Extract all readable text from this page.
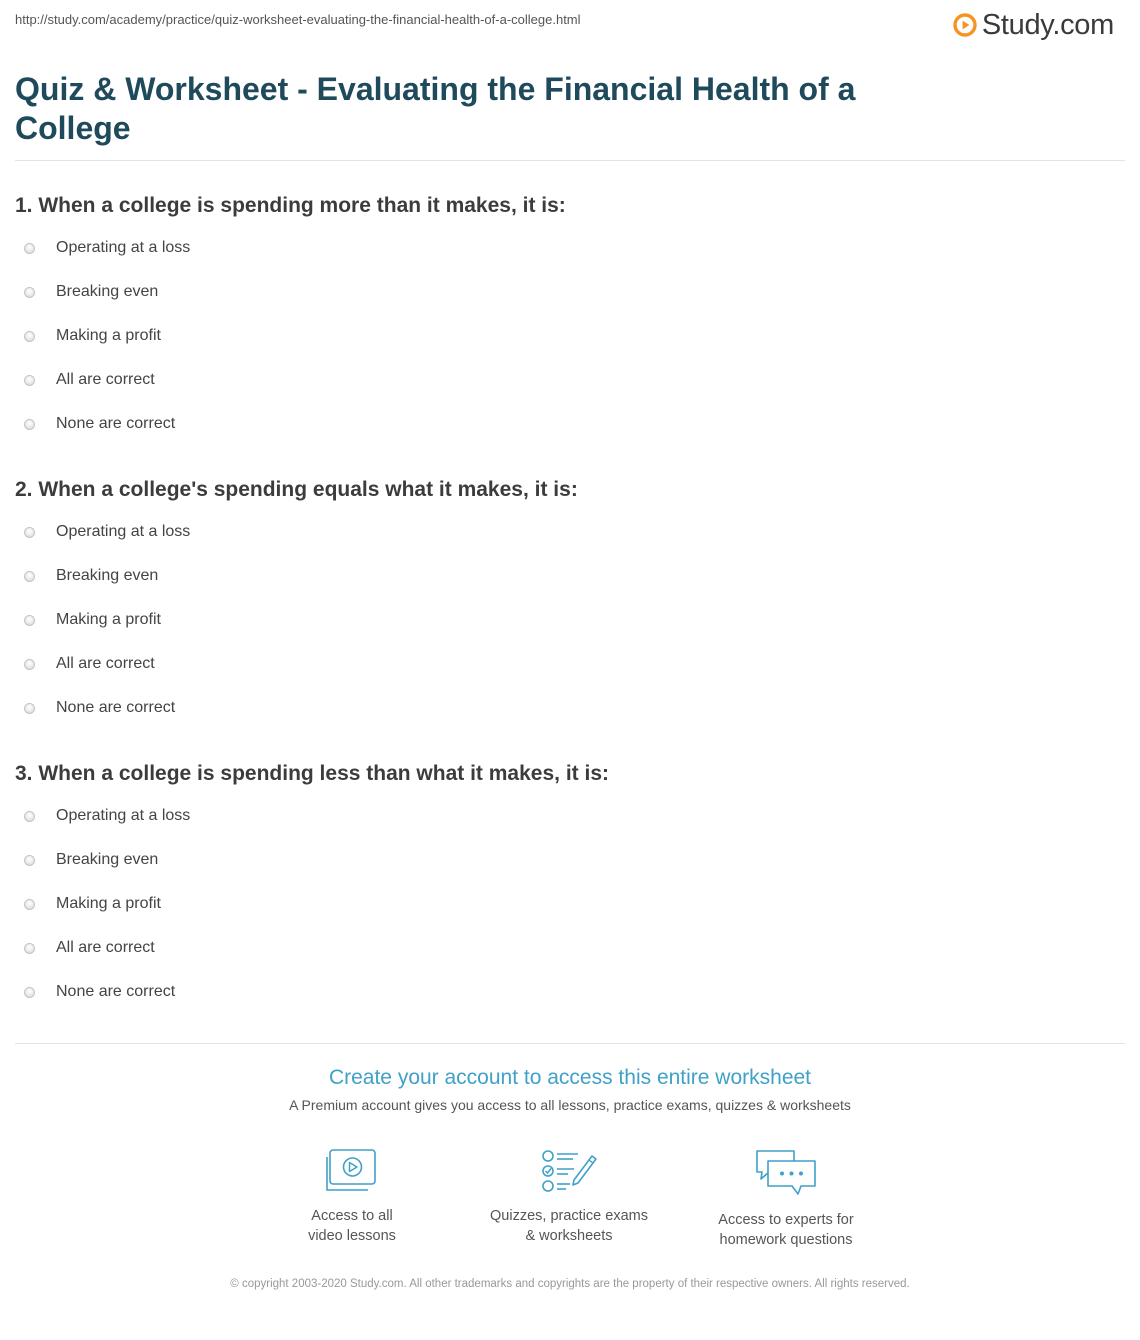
http://study.com/academy/practice/quiz-worksheet-evaluating-the-financial-health-of-a-college.html	Study.com
Quiz & Worksheet - Evaluating the Financial Health of a College

1. When a college is spending more than it makes, it is:

Operating at a loss
Breaking even
Making a profit
All are correct
None are correct

2. When a college's spending equals what it makes, it is:

Operating at a loss
Breaking even
Making a profit
All are correct
None are correct

3. When a college is spending less than what it makes, it is:

Operating at a loss
Breaking even
Making a profit
All are correct
None are correct
Create your account to access this entire worksheet
A Premium account gives you access to all lessons, practice exams, quizzes & worksheets
Access to all
video lessons
Quizzes, practice exams
& worksheets
Access to experts for
homework questions
© copyright 2003-2020 Study.com. All other trademarks and copyrights are the property of their respective owners. All rights reserved.
